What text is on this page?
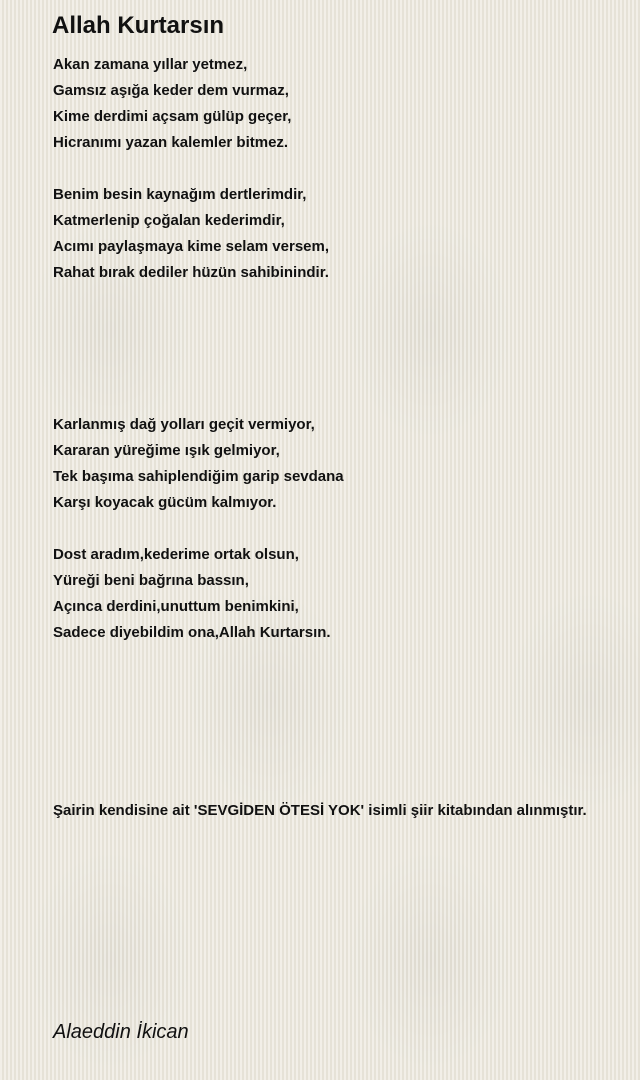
Allah Kurtarsın
Akan zamana yıllar yetmez,
Gamsız aşığa keder dem vurmaz,
Kime derdimi açsam gülüp geçer,
Hicranımı yazan kalemler bitmez.
Benim besin kaynağım dertlerimdir,
Katmerlenip çoğalan kederimdir,
Acımı paylaşmaya kime selam versem,
Rahat bırak dediler hüzün sahibinindir.
Karlanmış dağ yolları geçit vermiyor,
Kararan yüreğime ışık gelmiyor,
Tek başıma sahiplendiğim garip sevdana
Karşı koyacak gücüm kalmıyor.
Dost aradım,kederime ortak olsun,
Yüreği beni bağrına bassın,
Açınca derdini,unuttum benimkini,
Sadece diyebildim ona,Allah Kurtarsın.

Şairin kendisine ait 'SEVGİDEN ÖTESİ YOK' isimli şiir kitabından alınmıştır.

Alaeddin İkican
